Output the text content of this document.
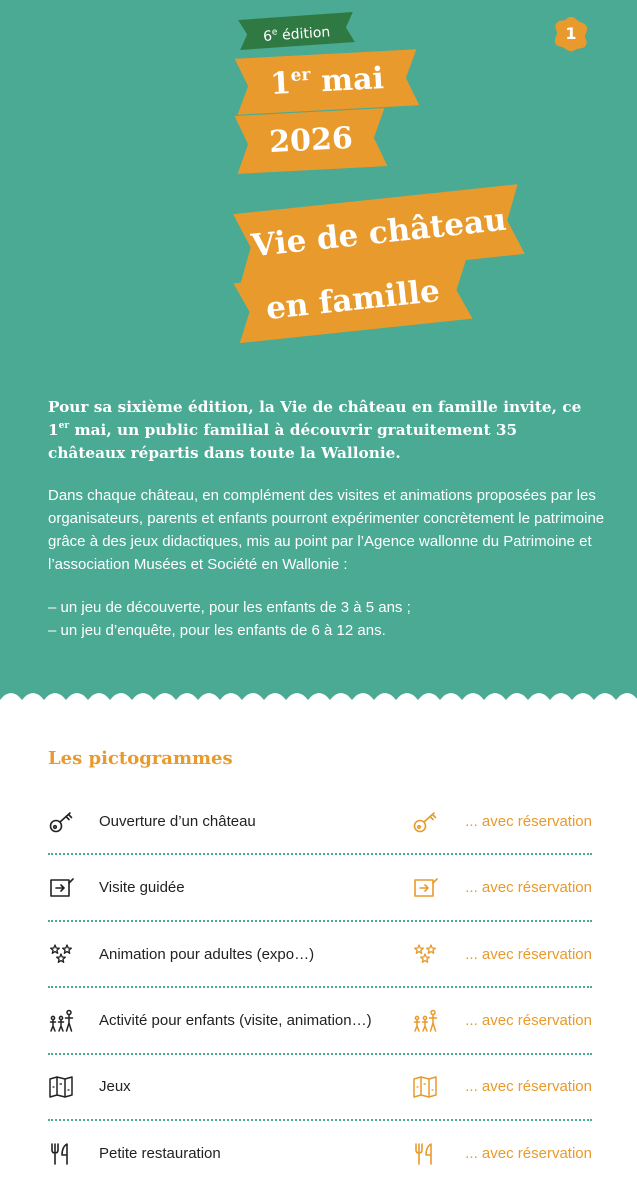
1
6e édition
1er mai
2026
Vie de château
en famille

Pour sa sixième édition, la Vie de château en famille invite, ce 1er mai, un public familial à découvrir gratuitement 35 châteaux répartis dans toute la Wallonie.

Dans chaque château, en complément des visites et animations proposées par les organisateurs, parents et enfants pourront expérimenter concrètement le patrimoine grâce à des jeux didactiques, mis au point par l’Agence wallonne du Patrimoine et l’association Musées et Société en Wallonie :

– un jeu de découverte, pour les enfants de 3 à 5 ans ;
– un jeu d’enquête, pour les enfants de 6 à 12 ans.
Les pictogrammes
Ouverture d’un château	... avec réservation
Visite guidée	... avec réservation
Animation pour adultes (expo…)	... avec réservation
Activité pour enfants (visite, animation…)	... avec réservation
Jeux	... avec réservation
Petite restauration	... avec réservation
